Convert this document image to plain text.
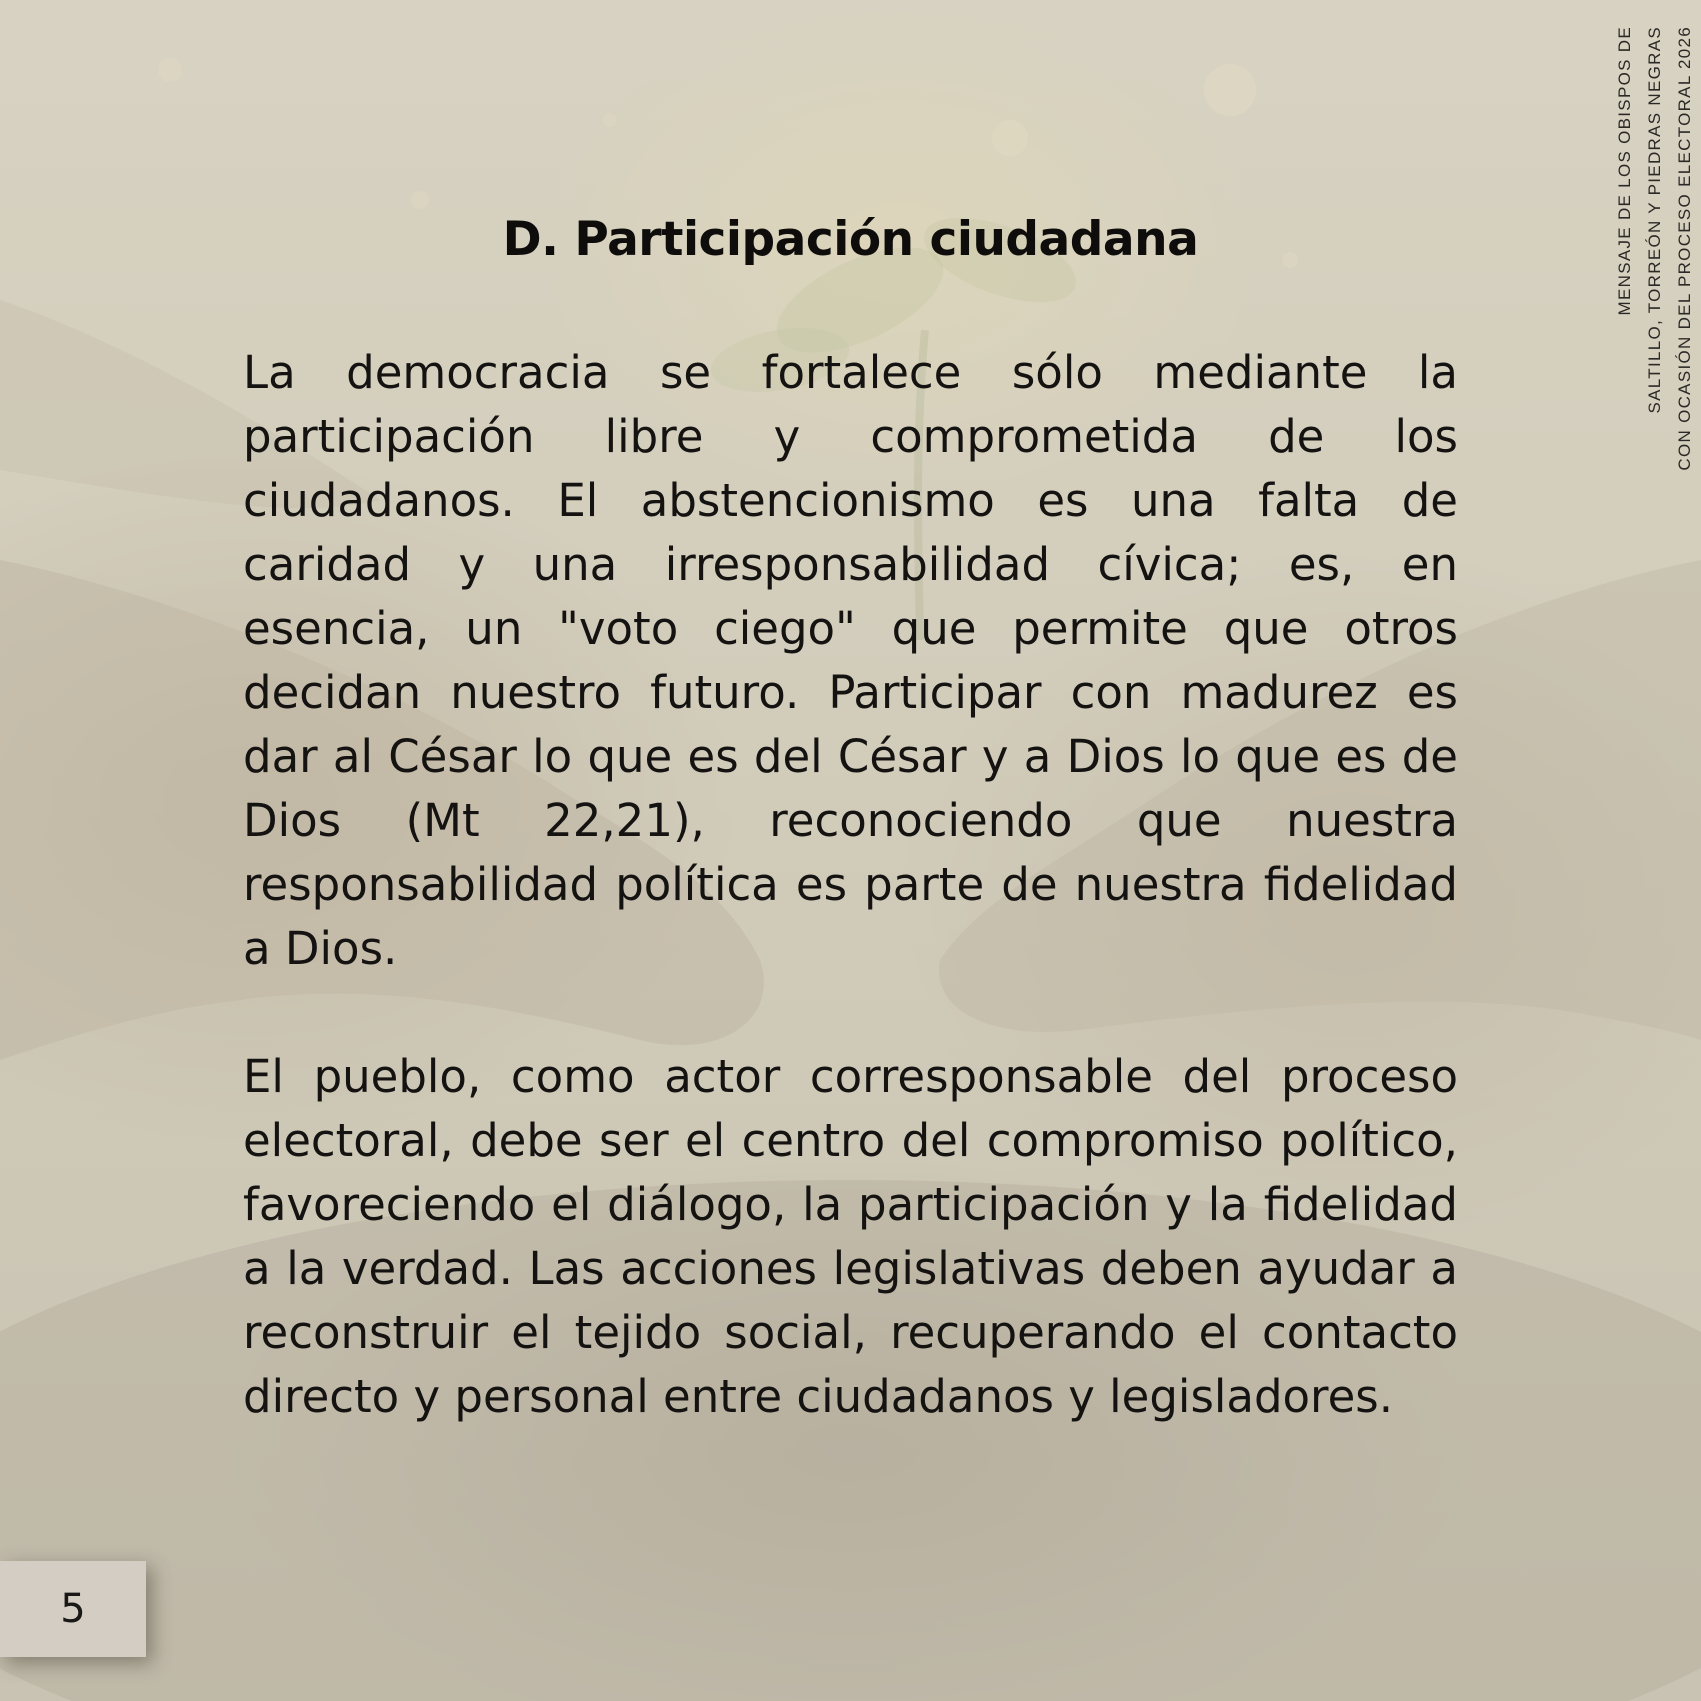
MENSAJE DE LOS OBISPOS DE SALTILLO, TORREÓN Y PIEDRAS NEGRAS CON OCASIÓN DEL PROCESO ELECTORAL 2026
D. Participación ciudadana

La democracia se fortalece sólo mediante la participación libre y comprometida de los ciudadanos. El abstencionismo es una falta de caridad y una irresponsabilidad cívica; es, en esencia, un "voto ciego" que permite que otros decidan nuestro futuro. Participar con madurez es dar al César lo que es del César y a Dios lo que es de Dios (Mt 22,21), reconociendo que nuestra responsabilidad política es parte de nuestra fidelidad a Dios.

El pueblo, como actor corresponsable del proceso electoral, debe ser el centro del compromiso político, favoreciendo el diálogo, la participación y la fidelidad a la verdad. Las acciones legislativas deben ayudar a reconstruir el tejido social, recuperando el contacto directo y personal entre ciudadanos y legisladores.

5
